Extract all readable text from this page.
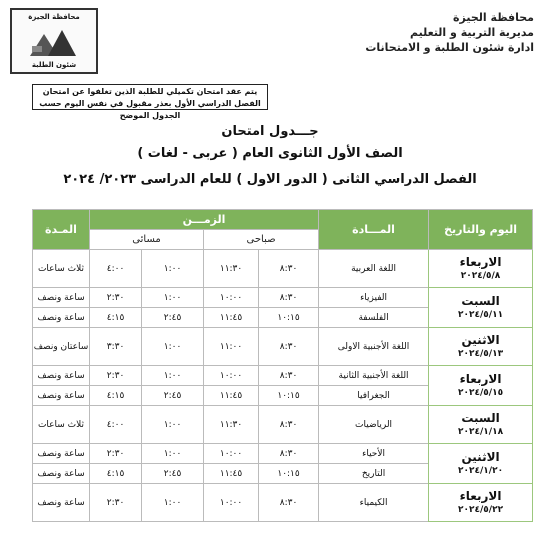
محافظة الجيزة
مديرية التربية و التعليم
ادارة شئون الطلبة و الامتحانات
محافظة الجيزة
شئون الطلبة
يتم عقد امتحان تكميلي للطلبة الذين تغلفوا عن امتحان الفصل الدراسي الأول بعذر مقبول في نفس اليوم حسب الجدول الموضح
جـــدول امتحان
الصف الأول الثانوى العام ( عربى - لغات )
الفصل الدراسي الثانى ( الدور الاول ) للعام الدراسى ٢٠٢٣/ ٢٠٢٤
اليوم والتاريخ	المـــادة	الزمـــن				المـدة
		صباحى		مسائى		

الاربعاء
٢٠٢٤/٥/٨	اللغة العربية	٨:٣٠	١١:٣٠	١:٠٠	٤:٠٠	ثلاث ساعات

السبت
٢٠٢٤/٥/١١	الفيزياء	٨:٣٠	١٠:٠٠	١:٠٠	٢:٣٠	ساعة ونصف
	الفلسفة	١٠:١٥	١١:٤٥	٢:٤٥	٤:١٥	ساعة ونصف

الاثنين
٢٠٢٤/٥/١٣	اللغة الأجنبية الاولى	٨:٣٠	١١:٠٠	١:٠٠	٣:٣٠	ساعتان ونصف

الاربعاء
٢٠٢٤/٥/١٥	اللغة الأجنبية الثانية	٨:٣٠	١٠:٠٠	١:٠٠	٢:٣٠	ساعة ونصف
	الجغرافيا	١٠:١٥	١١:٤٥	٢:٤٥	٤:١٥	ساعة ونصف

السبت
٢٠٢٤/١/١٨	الرياضيات	٨:٣٠	١١:٣٠	١:٠٠	٤:٠٠	ثلاث ساعات

الاثنين
٢٠٢٤/١/٢٠	الأحياء	٨:٣٠	١٠:٠٠	١:٠٠	٢:٣٠	ساعة ونصف
	التاريخ	١٠:١٥	١١:٤٥	٢:٤٥	٤:١٥	ساعة ونصف

الاربعاء
٢٠٢٤/٥/٢٢	الكيمياء	٨:٣٠	١٠:٠٠	١:٠٠	٢:٣٠	ساعة ونصف
